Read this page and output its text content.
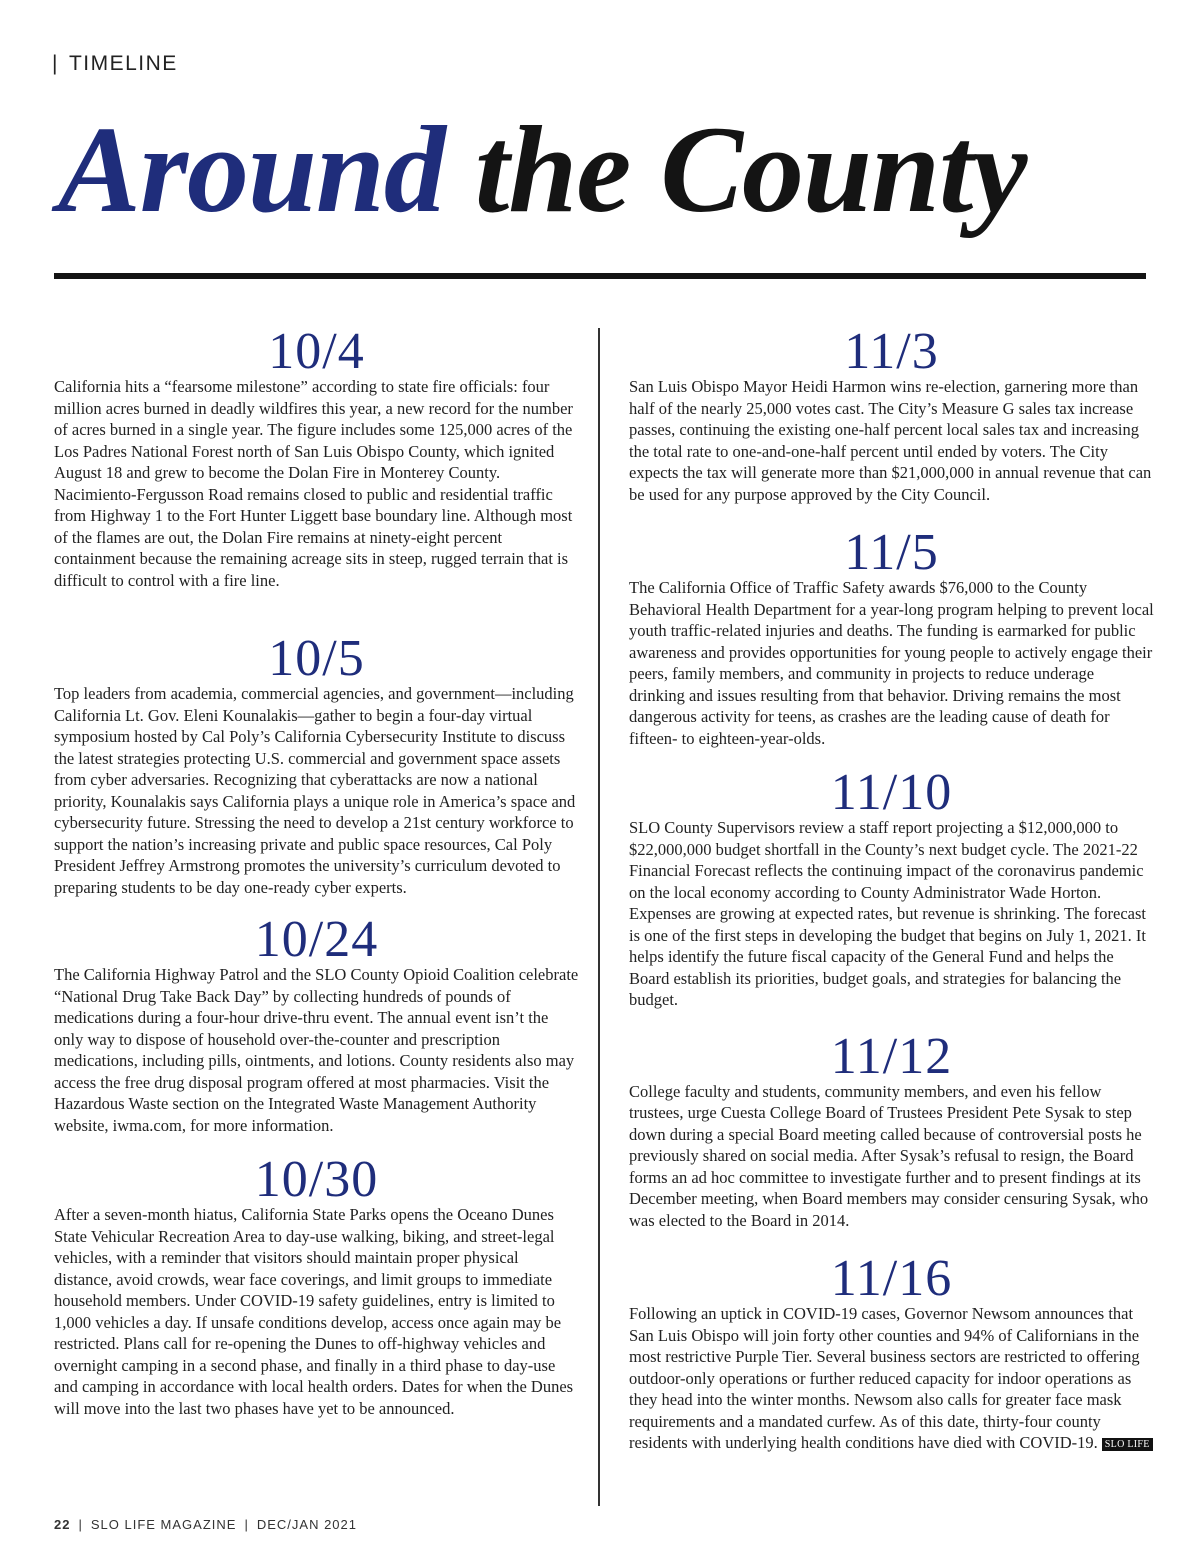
| TIMELINE
Around the County
10/4

California hits a “fearsome milestone” according to state fire officials: four million acres burned in deadly wildfires this year, a new record for the number of acres burned in a single year. The figure includes some 125,000 acres of the Los Padres National Forest north of San Luis Obispo County, which ignited August 18 and grew to become the Dolan Fire in Monterey County. Nacimiento-Fergusson Road remains closed to public and residential traffic from Highway 1 to the Fort Hunter Liggett base boundary line. Although most of the flames are out, the Dolan Fire remains at ninety-eight percent containment because the remaining acreage sits in steep, rugged terrain that is difficult to control with a fire line.

10/5

Top leaders from academia, commercial agencies, and government—including California Lt. Gov. Eleni Kounalakis—gather to begin a four-day virtual symposium hosted by Cal Poly’s California Cybersecurity Institute to discuss the latest strategies protecting U.S. commercial and government space assets from cyber adversaries. Recognizing that cyberattacks are now a national priority, Kounalakis says California plays a unique role in America’s space and cybersecurity future. Stressing the need to develop a 21st century workforce to support the nation’s increasing private and public space resources, Cal Poly President Jeffrey Armstrong promotes the university’s curriculum devoted to preparing students to be day one-ready cyber experts.

10/24

The California Highway Patrol and the SLO County Opioid Coalition celebrate “National Drug Take Back Day” by collecting hundreds of pounds of medications during a four-hour drive-thru event. The annual event isn’t the only way to dispose of household over-the-counter and prescription medications, including pills, ointments, and lotions. County residents also may access the free drug disposal program offered at most pharmacies. Visit the Hazardous Waste section on the Integrated Waste Management Authority website, iwma.com, for more information.

10/30

After a seven-month hiatus, California State Parks opens the Oceano Dunes State Vehicular Recreation Area to day-use walking, biking, and street-legal vehicles, with a reminder that visitors should maintain proper physical distance, avoid crowds, wear face coverings, and limit groups to immediate household members. Under COVID-19 safety guidelines, entry is limited to 1,000 vehicles a day. If unsafe conditions develop, access once again may be restricted. Plans call for re-opening the Dunes to off-highway vehicles and overnight camping in a second phase, and finally in a third phase to day-use and camping in accordance with local health orders. Dates for when the Dunes will move into the last two phases have yet to be announced.

11/3

San Luis Obispo Mayor Heidi Harmon wins re-election, garnering more than half of the nearly 25,000 votes cast. The City’s Measure G sales tax increase passes, continuing the existing one-half percent local sales tax and increasing the total rate to one-and-one-half percent until ended by voters. The City expects the tax will generate more than $21,000,000 in annual revenue that can be used for any purpose approved by the City Council.

11/5

The California Office of Traffic Safety awards $76,000 to the County Behavioral Health Department for a year-long program helping to prevent local youth traffic-related injuries and deaths. The funding is earmarked for public awareness and provides opportunities for young people to actively engage their peers, family members, and community in projects to reduce underage drinking and issues resulting from that behavior. Driving remains the most dangerous activity for teens, as crashes are the leading cause of death for fifteen- to eighteen-year-olds.

11/10

SLO County Supervisors review a staff report projecting a $12,000,000 to $22,000,000 budget shortfall in the County’s next budget cycle. The 2021-22 Financial Forecast reflects the continuing impact of the coronavirus pandemic on the local economy according to County Administrator Wade Horton. Expenses are growing at expected rates, but revenue is shrinking. The forecast is one of the first steps in developing the budget that begins on July 1, 2021. It helps identify the future fiscal capacity of the General Fund and helps the Board establish its priorities, budget goals, and strategies for balancing the budget.

11/12

College faculty and students, community members, and even his fellow trustees, urge Cuesta College Board of Trustees President Pete Sysak to step down during a special Board meeting called because of controversial posts he previously shared on social media. After Sysak’s refusal to resign, the Board forms an ad hoc committee to investigate further and to present findings at its December meeting, when Board members may consider censuring Sysak, who was elected to the Board in 2014.

11/16

Following an uptick in COVID-19 cases, Governor Newsom announces that San Luis Obispo will join forty other counties and 94% of Californians in the most restrictive Purple Tier. Several business sectors are restricted to offering outdoor-only operations or further reduced capacity for indoor operations as they head into the winter months. Newsom also calls for greater face mask requirements and a mandated curfew. As of this date, thirty-four county residents with underlying health conditions have died with COVID-19. SLO LIFE

22 | SLO LIFE MAGAZINE | DEC/JAN 2021
